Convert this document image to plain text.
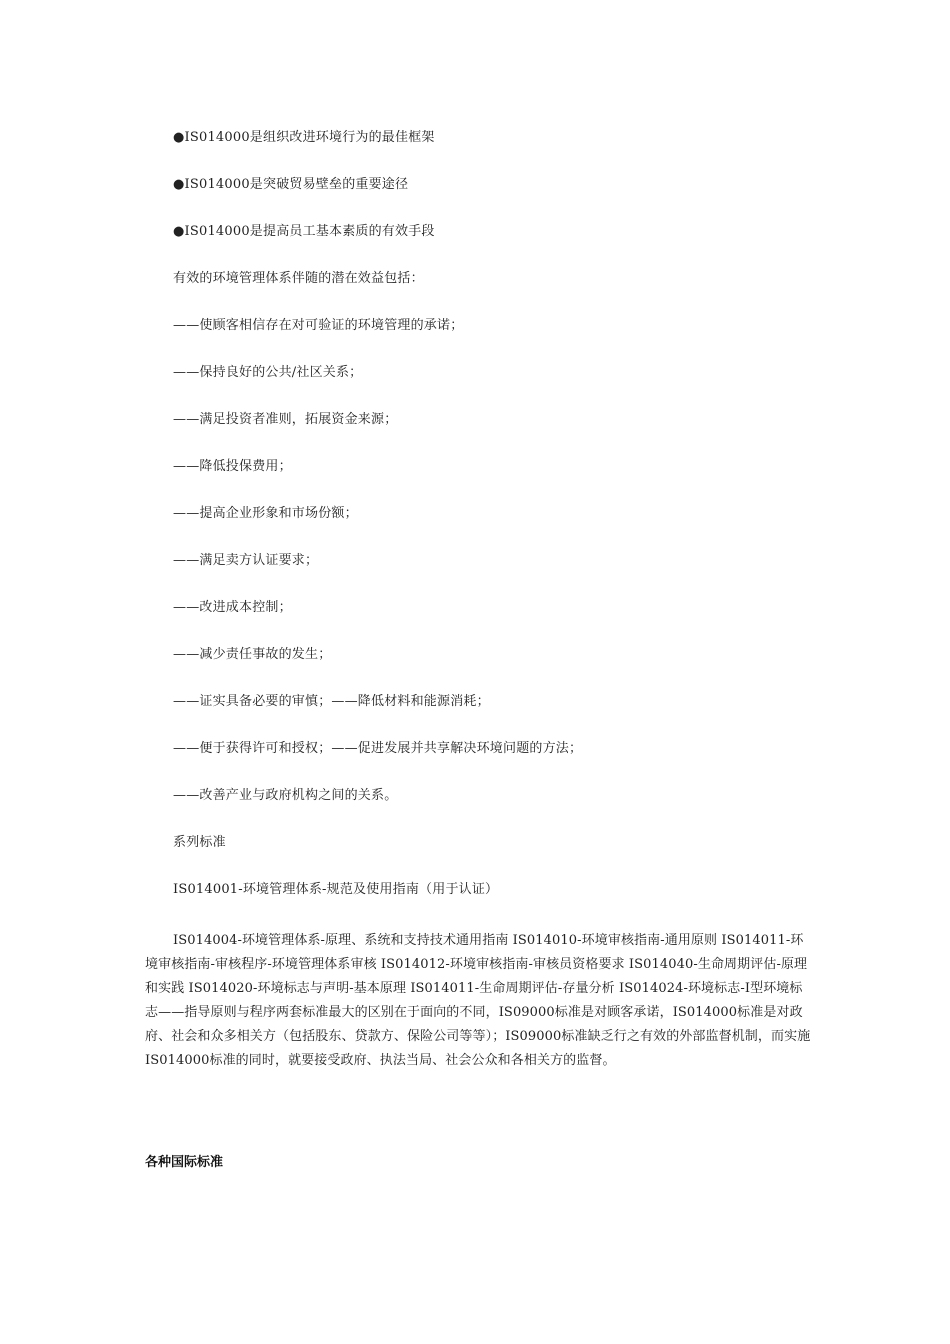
●IS014000是组织改进环境行为的最佳框架
●IS014000是突破贸易壁垒的重要途径
●IS014000是提高员工基本素质的有效手段
有效的环境管理体系伴随的潜在效益包括：
——使顾客相信存在对可验证的环境管理的承诺；
——保持良好的公共/社区关系；
——满足投资者准则，拓展资金来源；
——降低投保费用；
——提高企业形象和市场份额；
——满足卖方认证要求；
——改进成本控制；
——减少责任事故的发生；
——证实具备必要的审慎；——降低材料和能源消耗；
——便于获得许可和授权；——促进发展并共享解决环境问题的方法；
——改善产业与政府机构之间的关系。
系列标准
IS014001-环境管理体系-规范及使用指南（用于认证）
IS014004-环境管理体系-原理、系统和支持技术通用指南 IS014010-环境审核指南-通用原则 IS014011-环境审核指南-审核程序-环境管理体系审核 IS014012-环境审核指南-审核员资格要求 IS014040-生命周期评估-原理和实践 IS014020-环境标志与声明-基本原理 IS014011-生命周期评估-存量分析 IS014024-环境标志-I型环境标志——指导原则与程序两套标准最大的区别在于面向的不同，IS09000标准是对顾客承诺，IS014000标准是对政府、社会和众多相关方（包括股东、贷款方、保险公司等等）；IS09000标准缺乏行之有效的外部监督机制，而实施IS014000标准的同时，就要接受政府、执法当局、社会公众和各相关方的监督。
各种国际标准
